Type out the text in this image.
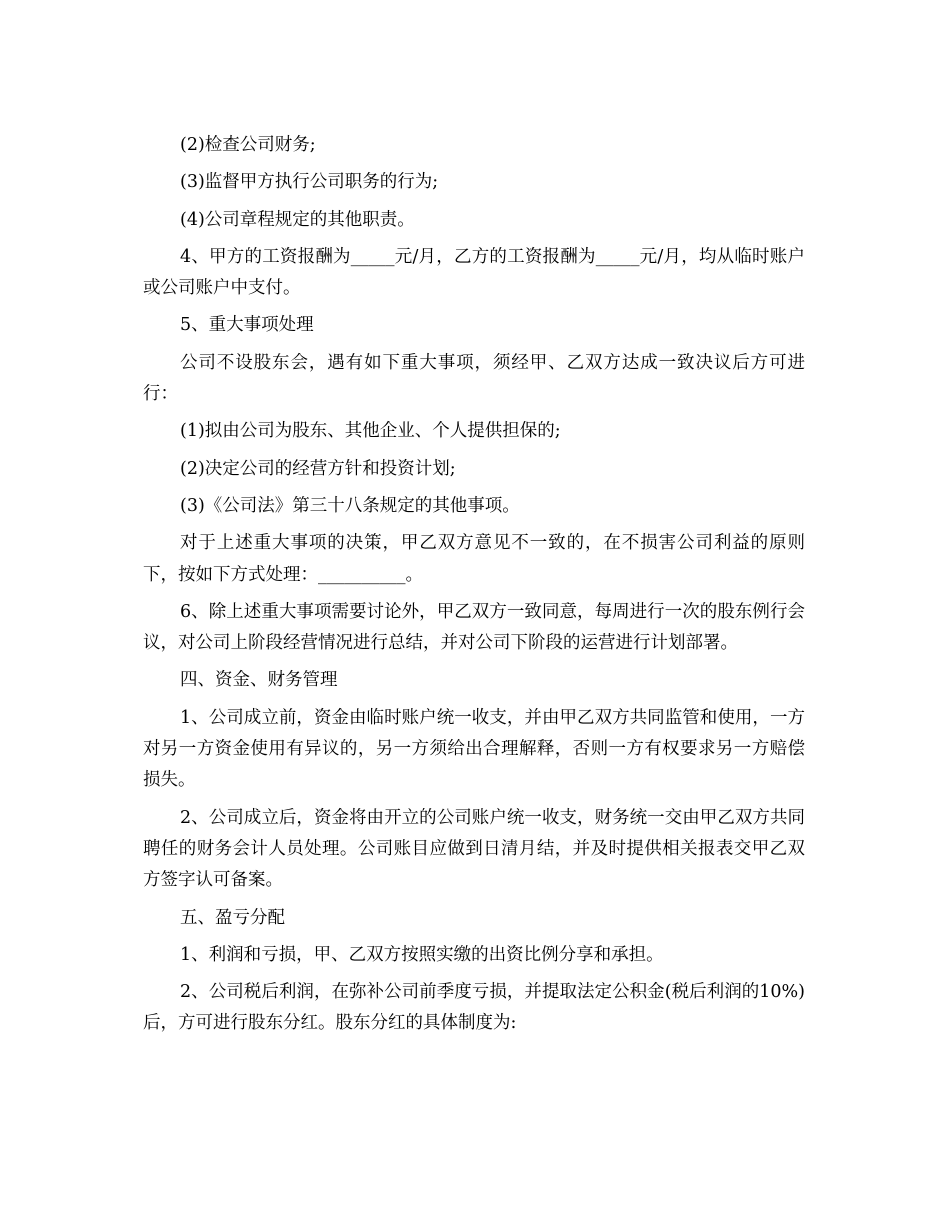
(2)检查公司财务;

(3)监督甲方执行公司职务的行为;

(4)公司章程规定的其他职责。

4、甲方的工资报酬为_____元/月，乙方的工资报酬为_____元/月，均从临时账户或公司账户中支付。

5、重大事项处理

公司不设股东会，遇有如下重大事项，须经甲、乙双方达成一致决议后方可进行：

(1)拟由公司为股东、其他企业、个人提供担保的;

(2)决定公司的经营方针和投资计划;

(3)《公司法》第三十八条规定的其他事项。

对于上述重大事项的决策，甲乙双方意见不一致的，在不损害公司利益的原则下，按如下方式处理：__________。

6、除上述重大事项需要讨论外，甲乙双方一致同意，每周进行一次的股东例行会议，对公司上阶段经营情况进行总结，并对公司下阶段的运营进行计划部署。

四、资金、财务管理

1、公司成立前，资金由临时账户统一收支，并由甲乙双方共同监管和使用，一方对另一方资金使用有异议的，另一方须给出合理解释，否则一方有权要求另一方赔偿损失。

2、公司成立后，资金将由开立的公司账户统一收支，财务统一交由甲乙双方共同聘任的财务会计人员处理。公司账目应做到日清月结，并及时提供相关报表交甲乙双方签字认可备案。

五、盈亏分配

1、利润和亏损，甲、乙双方按照实缴的出资比例分享和承担。

2、公司税后利润，在弥补公司前季度亏损，并提取法定公积金(税后利润的10%)后，方可进行股东分红。股东分红的具体制度为:
